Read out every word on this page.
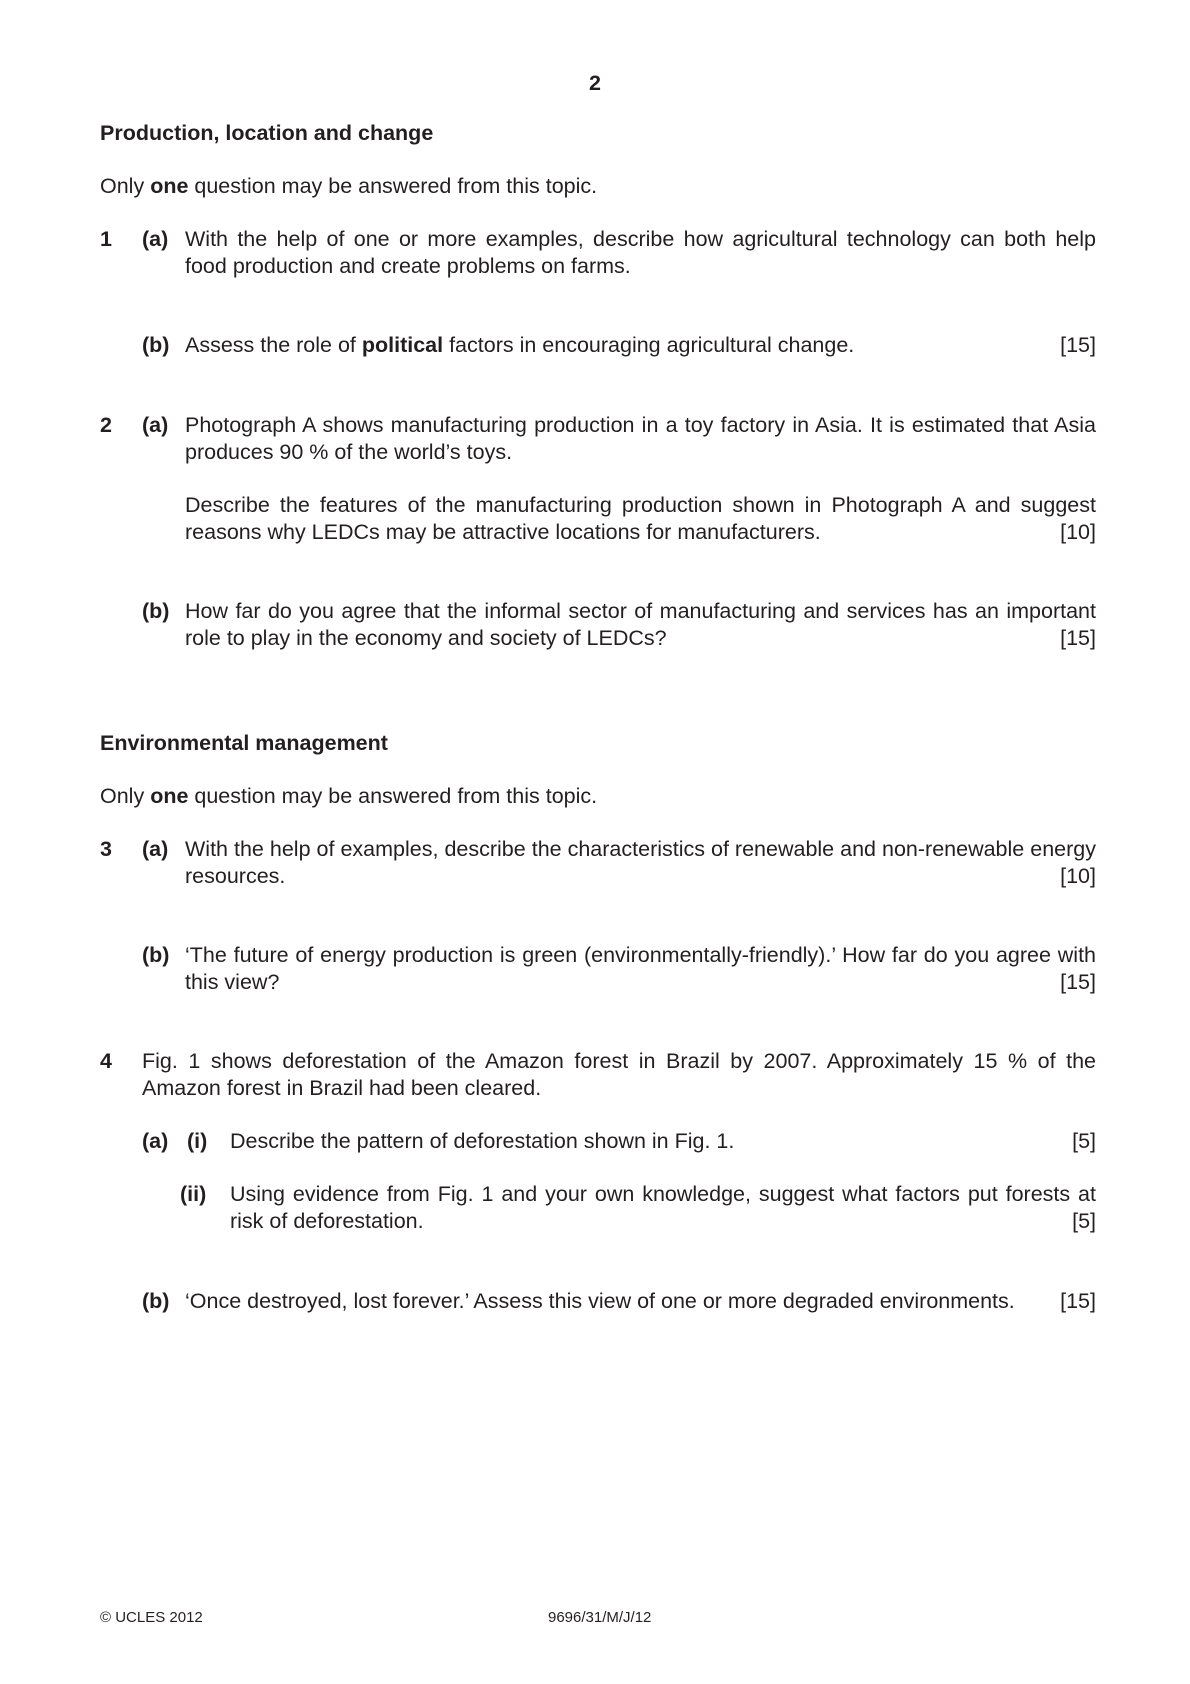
2
Production, location and change
Only one question may be answered from this topic.
1 (a) With the help of one or more examples, describe how agricultural technology can both help food production and create problems on farms.
(b) Assess the role of political factors in encouraging agricultural change.	[15]
2 (a) Photograph A shows manufacturing production in a toy factory in Asia. It is estimated that Asia produces 90 % of the world’s toys.
Describe the features of the manufacturing production shown in Photograph A and suggest reasons why LEDCs may be attractive locations for manufacturers.	[10]
(b) How far do you agree that the informal sector of manufacturing and services has an important role to play in the economy and society of LEDCs?	[15]
Environmental management
Only one question may be answered from this topic.
3 (a) With the help of examples, describe the characteristics of renewable and non-renewable energy resources.	[10]
(b) ‘The future of energy production is green (environmentally-friendly).’ How far do you agree with this view?	[15]
4 Fig. 1 shows deforestation of the Amazon forest in Brazil by 2007. Approximately 15 % of the Amazon forest in Brazil had been cleared.
(a) (i) Describe the pattern of deforestation shown in Fig. 1.	[5]
(ii) Using evidence from Fig. 1 and your own knowledge, suggest what factors put forests at risk of deforestation.	[5]
(b) ‘Once destroyed, lost forever.’ Assess this view of one or more degraded environments. [15]
© UCLES 2012	9696/31/M/J/12
